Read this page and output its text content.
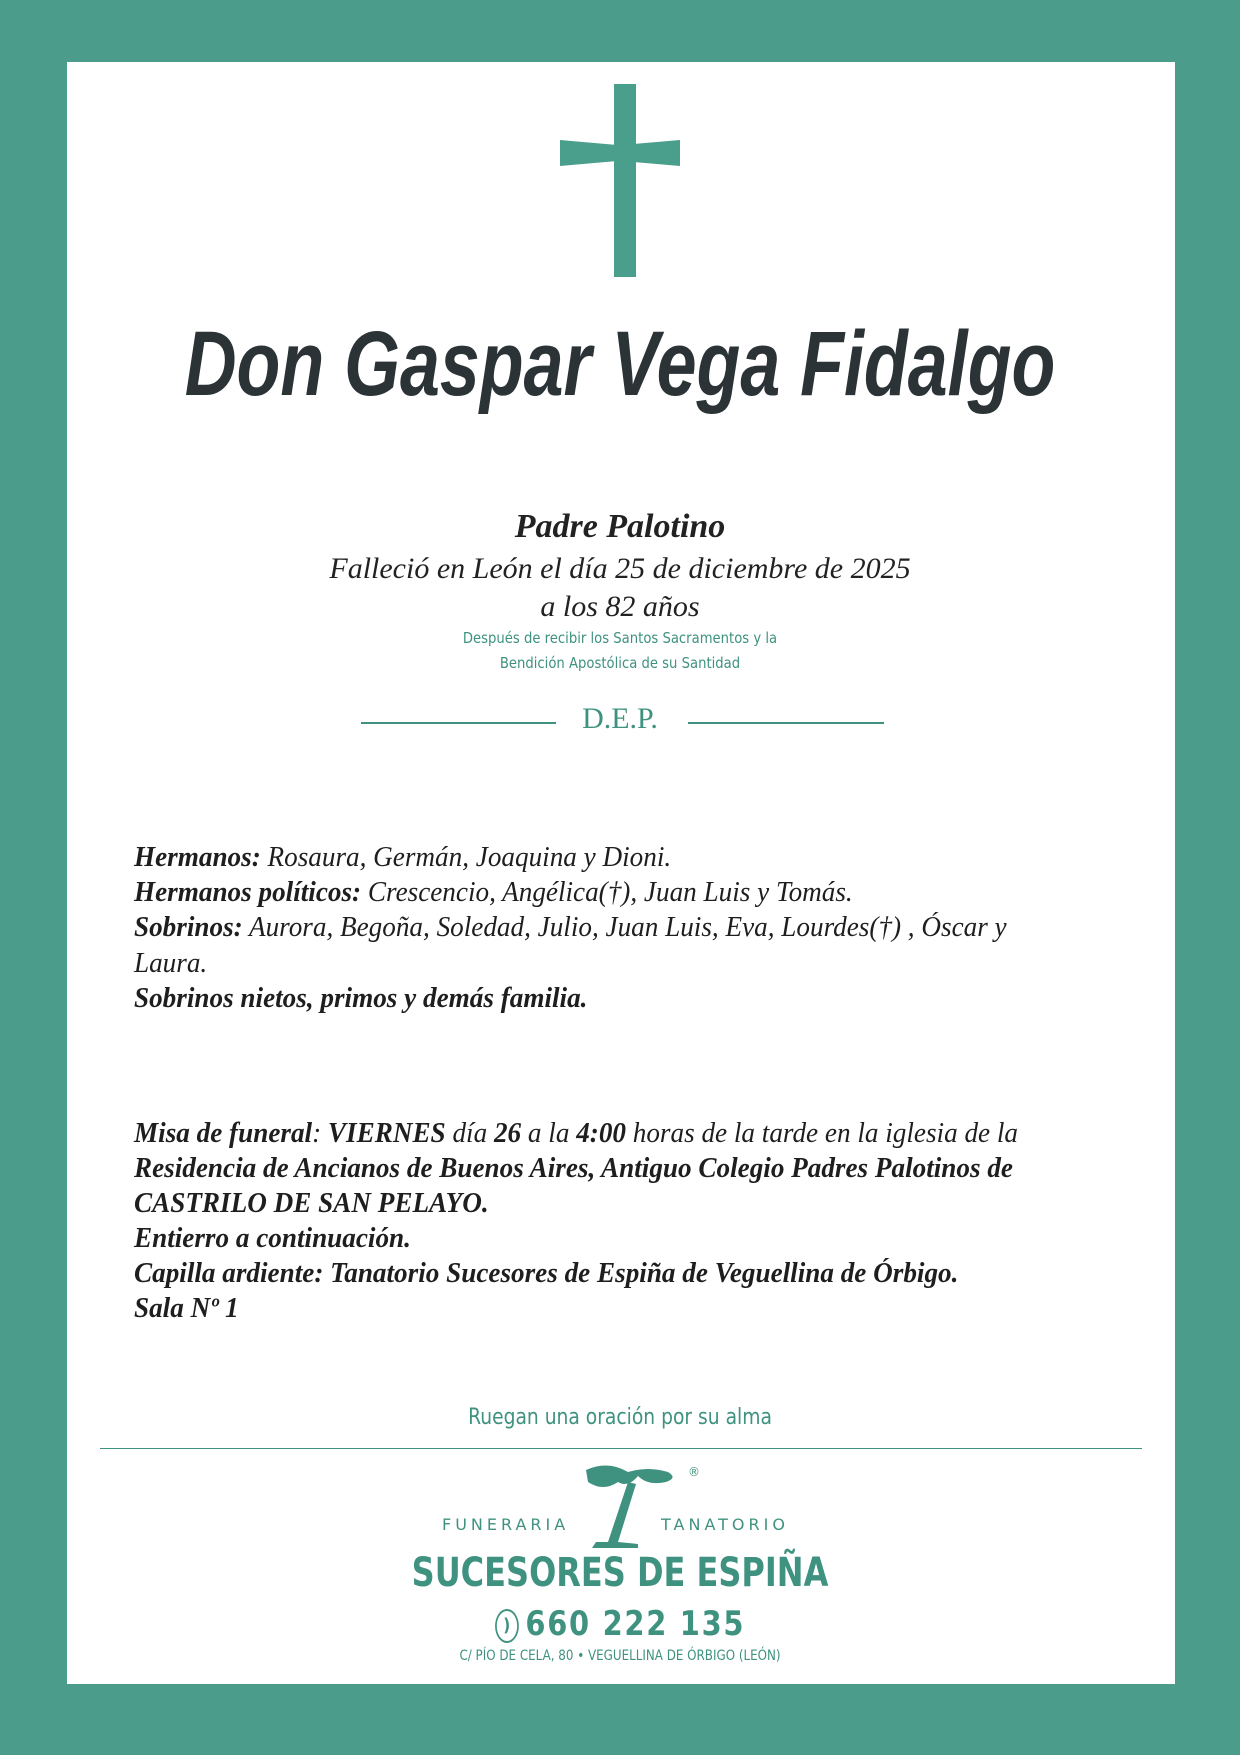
Don Gaspar Vega Fidalgo
Padre Palotino
Falleció en León el día 25 de diciembre de 2025
a los 82 años
Después de recibir los Santos Sacramentos y la
Bendición Apostólica de su Santidad
D.E.P.
Hermanos: Rosaura, Germán, Joaquina y Dioni.
Hermanos políticos: Crescencio, Angélica(†), Juan Luis y Tomás.
Sobrinos: Aurora, Begoña, Soledad, Julio, Juan Luis, Eva, Lourdes(†) , Óscar y
Laura.
Sobrinos nietos, primos y demás familia.
Misa de funeral: VIERNES día 26 a la 4:00 horas de la tarde en la iglesia de la
Residencia de Ancianos de Buenos Aires, Antiguo Colegio Padres Palotinos de
CASTRILO DE SAN PELAYO.
Entierro a continuación.
Capilla ardiente: Tanatorio Sucesores de Espiña de Veguellina de Órbigo.
Sala Nº 1
Ruegan una oración por su alma
®
FUNERARIA	TANATORIO
SUCESORES DE ESPIÑA
) 660 222 135
C/ PÍO DE CELA, 80 • VEGUELLINA DE ÓRBIGO (LEÓN)
